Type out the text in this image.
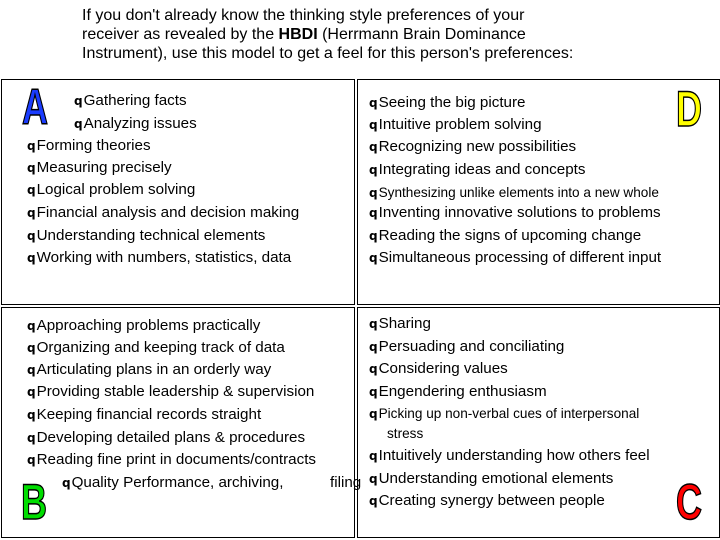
If you don't already know the thinking style preferences of your
receiver as revealed by the HBDI (Herrmann Brain Dominance
Instrument), use this model to get a feel for this person's preferences:
A	D
B	C
qGathering facts
qAnalyzing issues
qForming theories
qMeasuring precisely
qLogical problem solving
qFinancial analysis and decision making
qUnderstanding technical elements
qWorking with numbers, statistics, data
qSeeing the big picture
qIntuitive problem solving
qRecognizing new possibilities
qIntegrating ideas and concepts
qSynthesizing unlike elements into a new whole
qInventing innovative solutions to problems
qReading the signs of upcoming change
qSimultaneous processing of different input
qApproaching problems practically
qOrganizing and keeping track of data
qArticulating plans in an orderly way
qProviding stable leadership & supervision
qKeeping financial records straight
qDeveloping detailed plans & procedures
qReading fine print in documents/contracts
qQuality Performance, archiving,	filing
qSharing
qPersuading and conciliating
qConsidering values
qEngendering enthusiasm
qPicking up non-verbal cues of interpersonal
stress
qIntuitively understanding how others feel
qUnderstanding emotional elements
qCreating synergy between people
